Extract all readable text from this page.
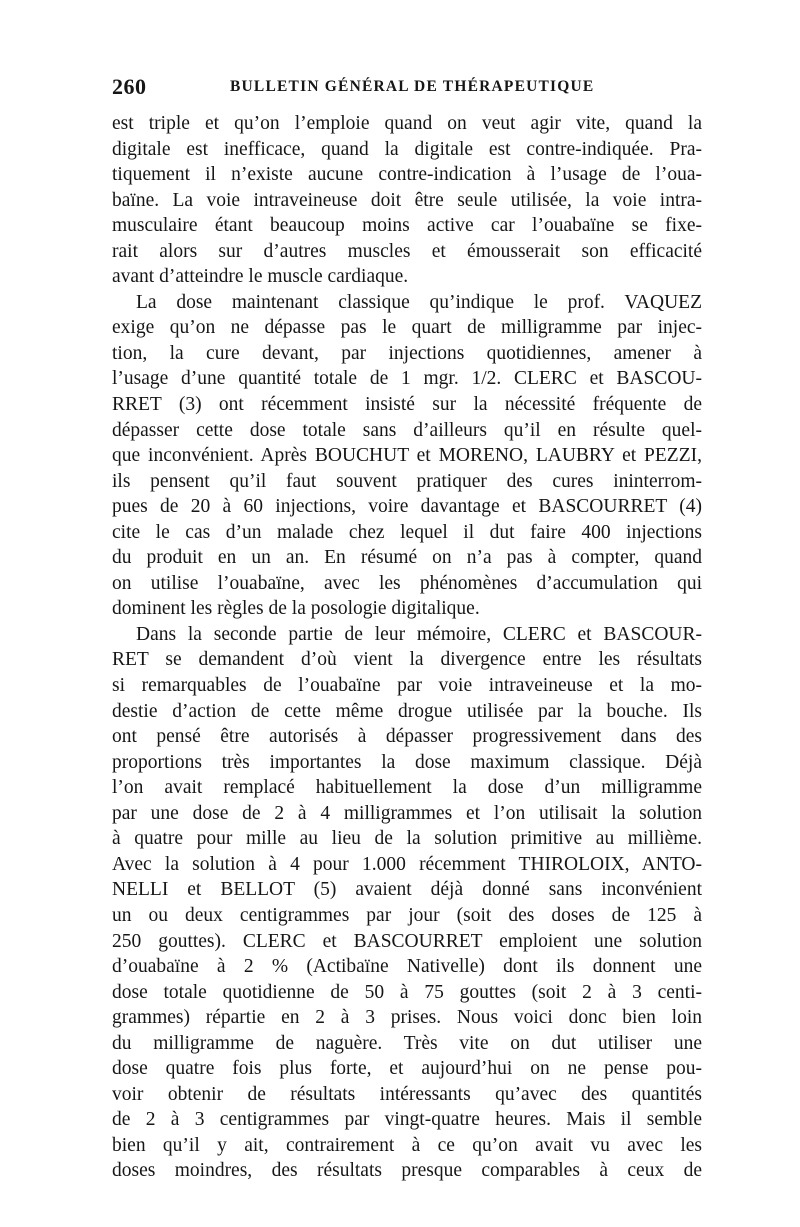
260	BULLETIN GÉNÉRAL DE THÉRAPEUTIQUE
est triple et qu’on l’emploie quand on veut agir vite, quand la
digitale est inefficace, quand la digitale est contre-indiquée. Pra-
tiquement il n’existe aucune contre-indication à l’usage de l’oua-
baïne. La voie intraveineuse doit être seule utilisée, la voie intra-
musculaire étant beaucoup moins active car l’ouabaïne se fixe-
rait alors sur d’autres muscles et émousserait son efficacité
avant d’atteindre le muscle cardiaque.
La dose maintenant classique qu’indique le prof. VAQUEZ
exige qu’on ne dépasse pas le quart de milligramme par injec-
tion, la cure devant, par injections quotidiennes, amener à
l’usage d’une quantité totale de 1 mgr. 1/2. CLERC et BASCOU-
RRET (3) ont récemment insisté sur la nécessité fréquente de
dépasser cette dose totale sans d’ailleurs qu’il en résulte quel-
que inconvénient. Après BOUCHUT et MORENO, LAUBRY et PEZZI,
ils pensent qu’il faut souvent pratiquer des cures ininterrom-
pues de 20 à 60 injections, voire davantage et BASCOURRET (4)
cite le cas d’un malade chez lequel il dut faire 400 injections
du produit en un an. En résumé on n’a pas à compter, quand
on utilise l’ouabaïne, avec les phénomènes d’accumulation qui
dominent les règles de la posologie digitalique.
Dans la seconde partie de leur mémoire, CLERC et BASCOUR-
RET se demandent d’où vient la divergence entre les résultats
si remarquables de l’ouabaïne par voie intraveineuse et la mo-
destie d’action de cette même drogue utilisée par la bouche. Ils
ont pensé être autorisés à dépasser progressivement dans des
proportions très importantes la dose maximum classique. Déjà
l’on avait remplacé habituellement la dose d’un milligramme
par une dose de 2 à 4 milligrammes et l’on utilisait la solution
à quatre pour mille au lieu de la solution primitive au millième.
Avec la solution à 4 pour 1.000 récemment THIROLOIX, ANTO-
NELLI et BELLOT (5) avaient déjà donné sans inconvénient
un ou deux centigrammes par jour (soit des doses de 125 à
250 gouttes). CLERC et BASCOURRET emploient une solution
d’ouabaïne à 2 % (Actibaïne Nativelle) dont ils donnent une
dose totale quotidienne de 50 à 75 gouttes (soit 2 à 3 centi-
grammes) répartie en 2 à 3 prises. Nous voici donc bien loin
du milligramme de naguère. Très vite on dut utiliser une
dose quatre fois plus forte, et aujourd’hui on ne pense pou-
voir obtenir de résultats intéressants qu’avec des quantités
de 2 à 3 centigrammes par vingt-quatre heures. Mais il semble
bien qu’il y ait, contrairement à ce qu’on avait vu avec les
doses moindres, des résultats presque comparables à ceux de
